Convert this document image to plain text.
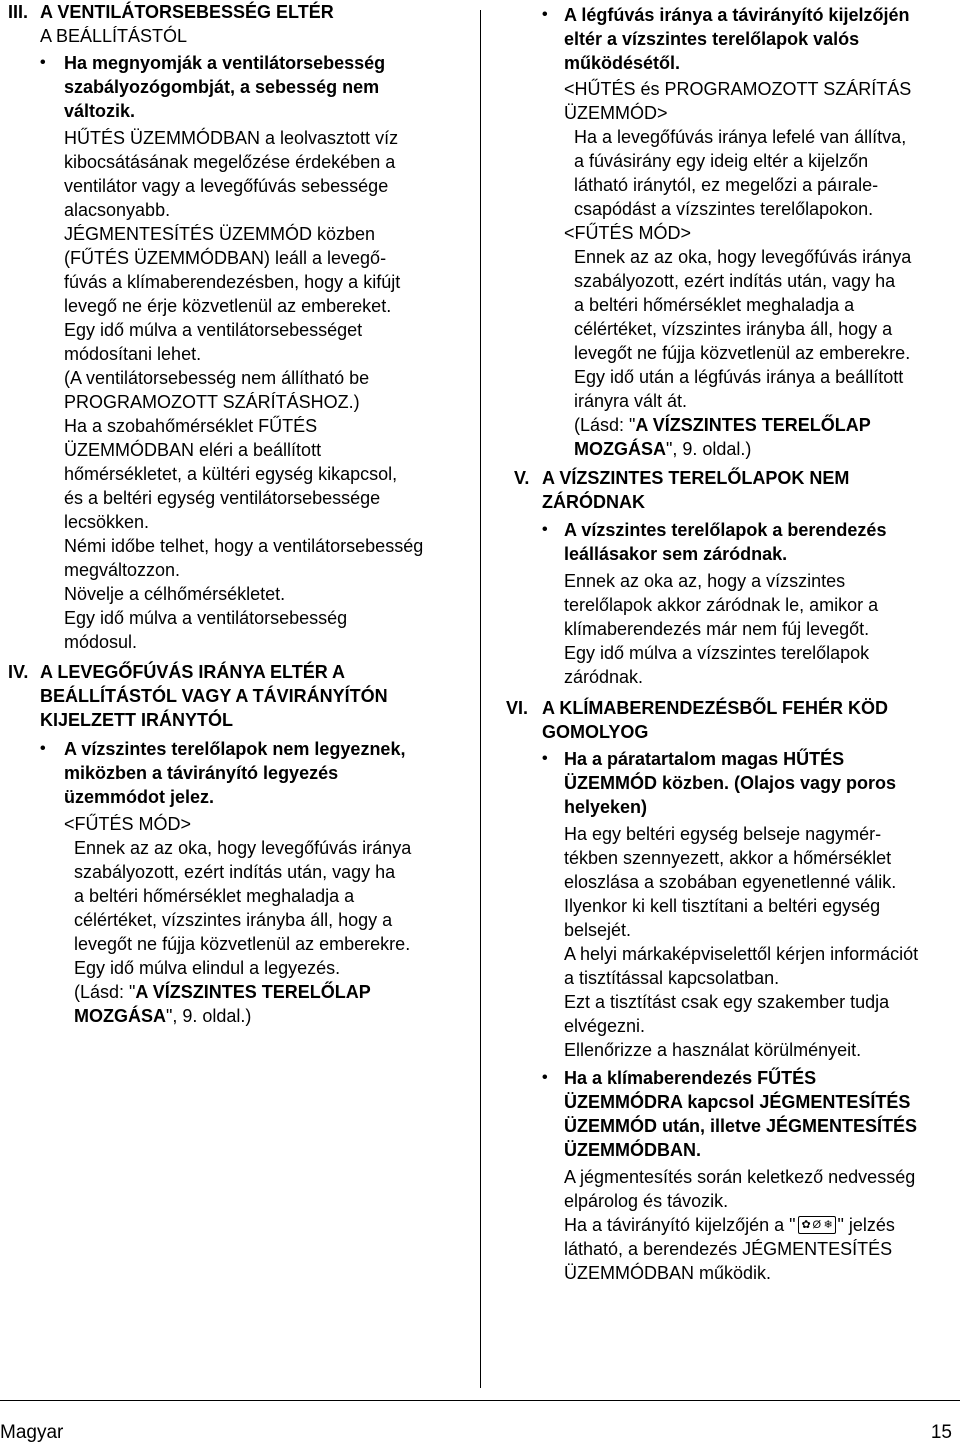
III. A VENTILÁTORSEBESSÉG ELTÉR
A BEÁLLÍTÁSTÓL
• Ha megnyomják a ventilátorsebesség
szabályozógombját, a sebesség nem
változik.
HŰTÉS ÜZEMMÓDBAN a leolvasztott víz
kibocsátásának megelőzése érdekében a
ventilátor vagy a levegőfúvás sebessége
alacsonyabb.
JÉGMENTESÍTÉS ÜZEMMÓD közben
(FŰTÉS ÜZEMMÓDBAN) leáll a levegő-
fúvás a klímaberendezésben, hogy a kifújt
levegő ne érje közvetlenül az embereket.
Egy idő múlva a ventilátorsebességet
módosítani lehet.
(A ventilátorsebesség nem állítható be
PROGRAMOZOTT SZÁRÍTÁSHOZ.)
Ha a szobahőmérséklet FŰTÉS
ÜZEMMÓDBAN eléri a beállított
hőmérsékletet, a kültéri egység kikapcsol,
és a beltéri egység ventilátorsebessége
lecsökken.
Némi időbe telhet, hogy a ventilátorsebesség
megváltozzon.
Növelje a célhőmérsékletet.
Egy idő múlva a ventilátorsebesség
módosul.
IV. A LEVEGŐFÚVÁS IRÁNYA ELTÉR A
BEÁLLÍTÁSTÓL VAGY A TÁVIRÁNYÍTÓN
KIJELZETT IRÁNYTÓL
• A vízszintes terelőlapok nem legyeznek,
miközben a távirányító legyezés
üzemmódot jelez.
<FŰTÉS MÓD>
Ennek az az oka, hogy levegőfúvás iránya
szabályozott, ezért indítás után, vagy ha
a beltéri hőmérséklet meghaladja a
célértéket, vízszintes irányba áll, hogy a
levegőt ne fújja közvetlenül az emberekre.
Egy idő múlva elindul a legyezés.
(Lásd: "A VÍZSZINTES TERELŐLAP
MOZGÁSA", 9. oldal.)
• A légfúvás iránya a távirányító kijelzőjén
eltér a vízszintes terelőlapok valós
működésétől.
<HŰTÉS és PROGRAMOZOTT SZÁRÍTÁS
ÜZEMMÓD>
Ha a levegőfúvás iránya lefelé van állítva,
a fúvásirány egy ideig eltér a kijelzőn
látható iránytól, ez megelőzi a páırale-
csapódást a vízszintes terelőlapokon.
<FŰTÉS MÓD>
Ennek az az oka, hogy levegőfúvás iránya
szabályozott, ezért indítás után, vagy ha
a beltéri hőmérséklet meghaladja a
célértéket, vízszintes irányba áll, hogy a
levegőt ne fújja közvetlenül az emberekre.
Egy idő után a légfúvás iránya a beállított
irányra vált át.
(Lásd: "A VÍZSZINTES TERELŐLAP
MOZGÁSA", 9. oldal.)
V. A VÍZSZINTES TERELŐLAPOK NEM
ZÁRÓDNAK
• A vízszintes terelőlapok a berendezés
leállásakor sem záródnak.
Ennek az oka az, hogy a vízszintes
terelőlapok akkor záródnak le, amikor a
klímaberendezés már nem fúj levegőt.
Egy idő múlva a vízszintes terelőlapok
záródnak.
VI. A KLÍMABERENDEZÉSBŐL FEHÉR KÖD
GOMOLYOG
• Ha a páratartalom magas HŰTÉS
ÜZEMMÓD közben. (Olajos vagy poros
helyeken)
Ha egy beltéri egység belseje nagymér-
tékben szennyezett, akkor a hőmérséklet
eloszlása a szobában egyenetlenné válik.
Ilyenkor ki kell tisztítani a beltéri egység
belsejét.
A helyi márkaképviselettől kérjen információt
a tisztítással kapcsolatban.
Ezt a tisztítást csak egy szakember tudja
elvégezni.
Ellenőrizze a használat körülményeit.
• Ha a klímaberendezés FŰTÉS
ÜZEMMÓDRA kapcsol JÉGMENTESÍTÉS
ÜZEMMÓD után, illetve JÉGMENTESÍTÉS
ÜZEMMÓDBAN.
A jégmentesítés során keletkező nedvesség
elpárolog és távozik.
Ha a távirányító kijelzőjén a " ✿ Ø ❄ " jelzés
látható, a berendezés JÉGMENTESÍTÉS
ÜZEMMÓDBAN működik.
Magyar	15
